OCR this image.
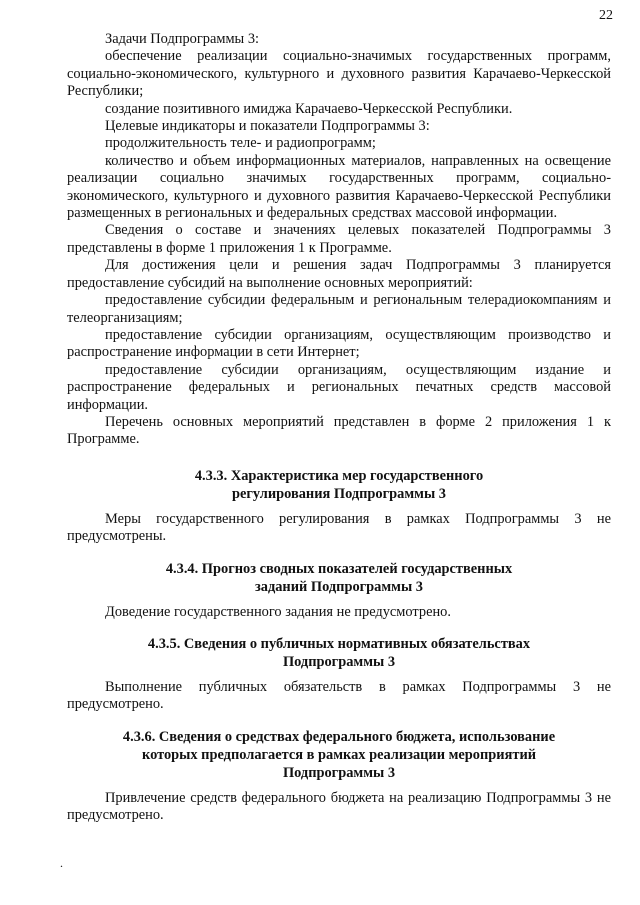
22

Задачи Подпрограммы 3:

обеспечение реализации социально-значимых государственных программ, социально-экономического, культурного и духовного развития Карачаево-Черкесской Республики;

создание позитивного имиджа Карачаево-Черкесской Республики.

Целевые индикаторы и показатели Подпрограммы 3:

продолжительность теле- и радиопрограмм;

количество и объем информационных материалов, направленных на освещение реализации социально значимых государственных программ, социально-экономического, культурного и духовного развития Карачаево-Черкесской Республики размещенных в региональных и федеральных средствах массовой информации.

Сведения о составе и значениях целевых показателей Подпрограммы 3 представлены в форме 1 приложения 1 к Программе.

Для достижения цели и решения задач Подпрограммы 3 планируется предоставление субсидий на выполнение основных мероприятий:

предоставление субсидии федеральным и региональным телерадиокомпаниям и телеорганизациям;

предоставление субсидии организациям, осуществляющим производство и распространение информации в сети Интернет;

предоставление субсидии организациям, осуществляющим издание и распространение федеральных и региональных печатных средств массовой информации.

Перечень основных мероприятий представлен в форме 2 приложения 1 к Программе.

4.3.3. Характеристика мер государственного
регулирования Подпрограммы 3

Меры государственного регулирования в рамках Подпрограммы 3 не предусмотрены.

4.3.4. Прогноз сводных показателей государственных
заданий Подпрограммы 3

Доведение государственного задания не предусмотрено.

4.3.5. Сведения о публичных нормативных обязательствах
Подпрограммы 3

Выполнение публичных обязательств в рамках Подпрограммы 3 не предусмотрено.

4.3.6. Сведения о средствах федерального бюджета, использование
которых предполагается в рамках реализации мероприятий
Подпрограммы 3

Привлечение средств федерального бюджета на реализацию Подпрограммы 3 не предусмотрено.

.
